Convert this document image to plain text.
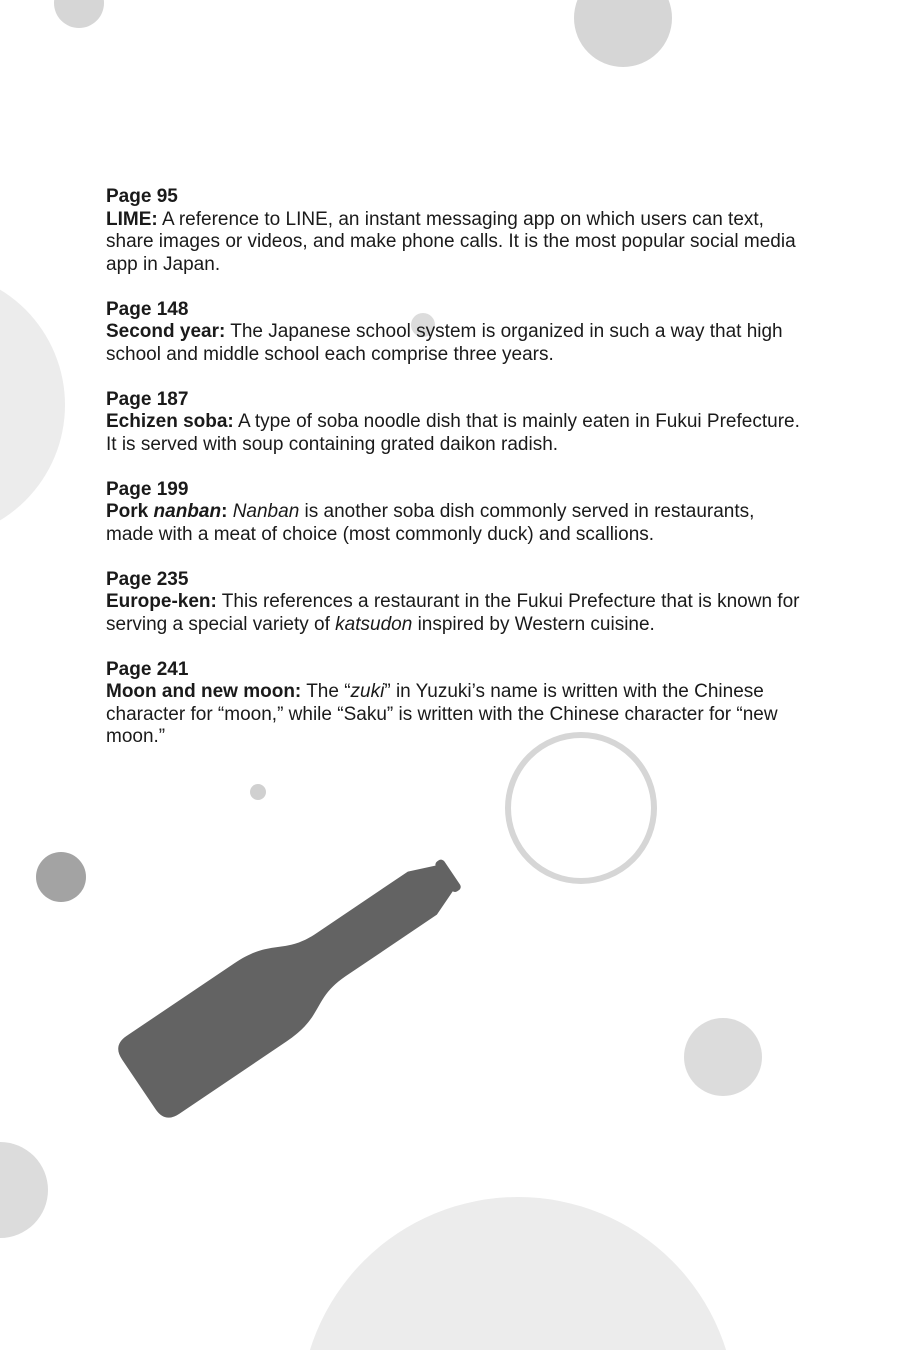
Page 95
LIME: A reference to LINE, an instant messaging app on which users can text, share images or videos, and make phone calls. It is the most popular social media app in Japan.
Page 148
Second year: The Japanese school system is organized in such a way that high school and middle school each comprise three years.
Page 187
Echizen soba: A type of soba noodle dish that is mainly eaten in Fukui Prefecture. It is served with soup containing grated daikon radish.
Page 199
Pork nanban: Nanban is another soba dish commonly served in restaurants, made with a meat of choice (most commonly duck) and scallions.
Page 235
Europe-ken: This references a restaurant in the Fukui Prefecture that is known for serving a special variety of katsudon inspired by Western cuisine.
Page 241
Moon and new moon: The “zuki” in Yuzuki’s name is written with the Chinese character for “moon,” while “Saku” is written with the Chinese character for “new moon.”
